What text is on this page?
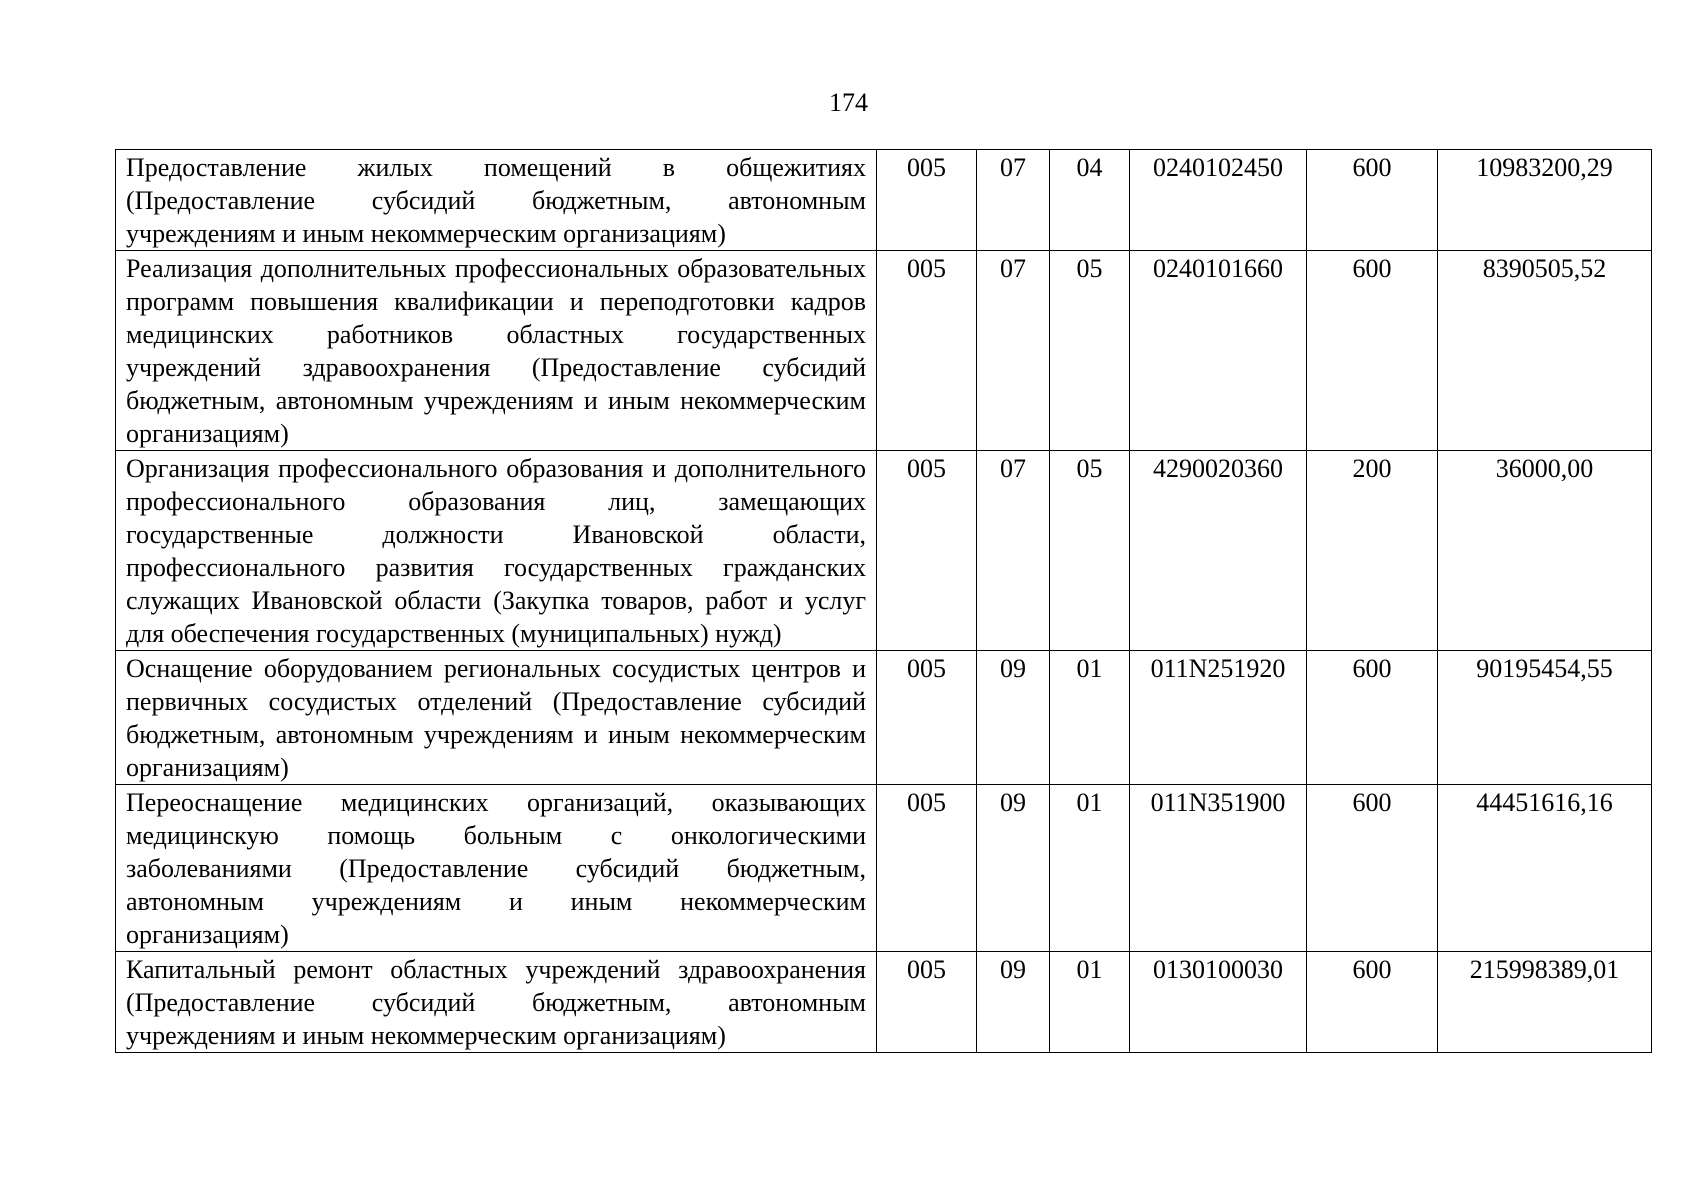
174
Предоставление жилых помещений в общежитиях (Предоставление субсидий бюджетным, автономным учреждениям и иным некоммерческим организациям)	005	07	04	0240102450	600	10983200,29
Реализация дополнительных профессиональных образовательных программ повышения квалификации и переподготовки кадров медицинских работников областных государственных учреждений здравоохранения (Предоставление субсидий бюджетным, автономным учреждениям и иным некоммерческим организациям)	005	07	05	0240101660	600	8390505,52
Организация профессионального образования и дополнительного профессионального образования лиц, замещающих государственные должности Ивановской области, профессионального развития государственных гражданских служащих Ивановской области (Закупка товаров, работ и услуг для обеспечения государственных (муниципальных) нужд)	005	07	05	4290020360	200	36000,00
Оснащение оборудованием региональных сосудистых центров и первичных сосудистых отделений (Предоставление субсидий бюджетным, автономным учреждениям и иным некоммерческим организациям)	005	09	01	011N251920	600	90195454,55
Переоснащение медицинских организаций, оказывающих медицинскую помощь больным с онкологическими заболеваниями (Предоставление субсидий бюджетным, автономным учреждениям и иным некоммерческим организациям)	005	09	01	011N351900	600	44451616,16
Капитальный ремонт областных учреждений здравоохранения (Предоставление субсидий бюджетным, автономным учреждениям и иным некоммерческим организациям)	005	09	01	0130100030	600	215998389,01
